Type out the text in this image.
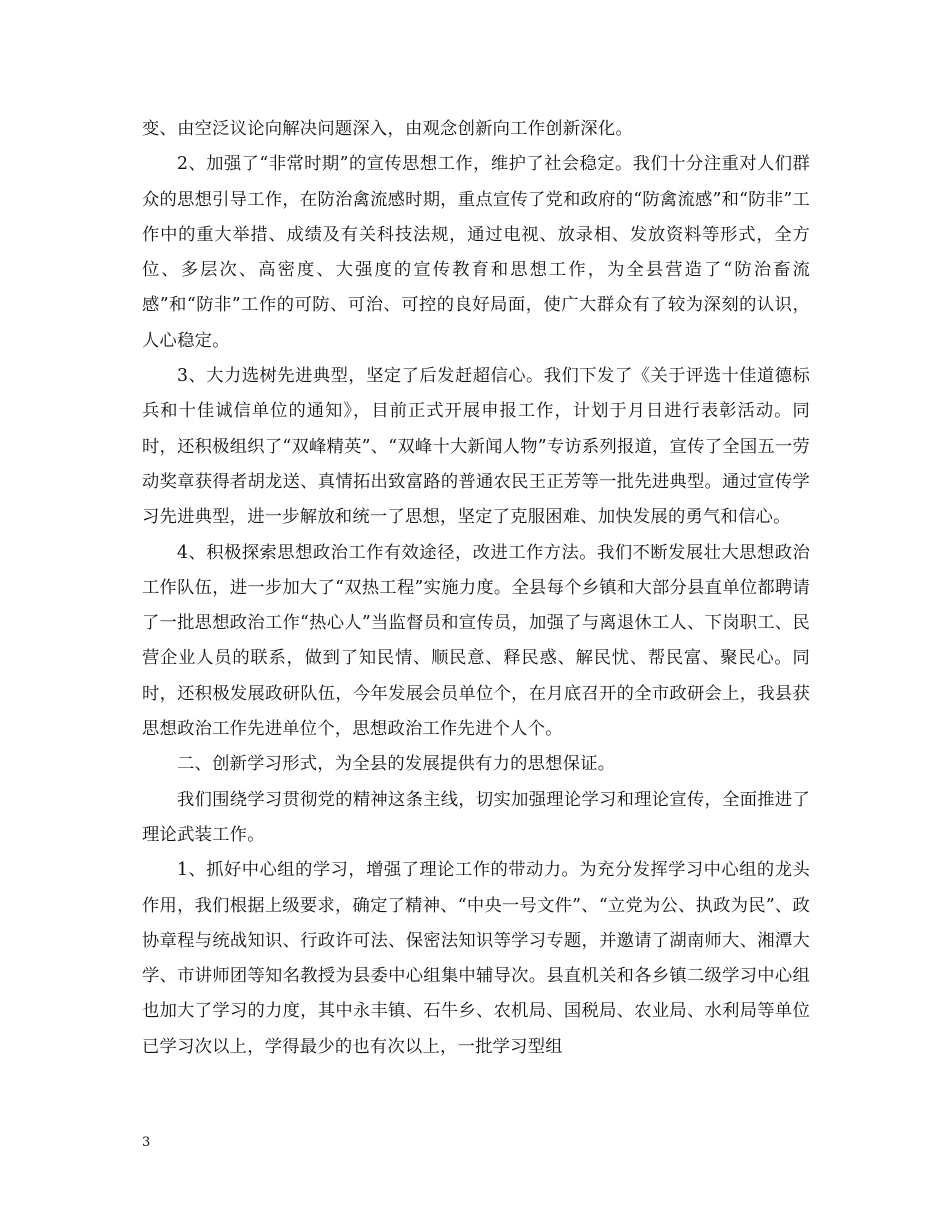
变、由空泛议论向解决问题深入，由观念创新向工作创新深化。

2、加强了“非常时期”的宣传思想工作，维护了社会稳定。我们十分注重对人们群众的思想引导工作，在防治禽流感时期，重点宣传了党和政府的“防禽流感”和“防非”工作中的重大举措、成绩及有关科技法规，通过电视、放录相、发放资料等形式，全方位、多层次、高密度、大强度的宣传教育和思想工作，为全县营造了“防治畜流感”和“防非”工作的可防、可治、可控的良好局面，使广大群众有了较为深刻的认识，人心稳定。

3、大力选树先进典型，坚定了后发赶超信心。我们下发了《关于评选十佳道德标兵和十佳诚信单位的通知》，目前正式开展申报工作，计划于月日进行表彰活动。同时，还积极组织了“双峰精英”、“双峰十大新闻人物”专访系列报道，宣传了全国五一劳动奖章获得者胡龙送、真情拓出致富路的普通农民王正芳等一批先进典型。通过宣传学习先进典型，进一步解放和统一了思想，坚定了克服困难、加快发展的勇气和信心。

4、积极探索思想政治工作有效途径，改进工作方法。我们不断发展壮大思想政治工作队伍，进一步加大了“双热工程”实施力度。全县每个乡镇和大部分县直单位都聘请了一批思想政治工作“热心人”当监督员和宣传员，加强了与离退休工人、下岗职工、民营企业人员的联系，做到了知民情、顺民意、释民惑、解民忧、帮民富、聚民心。同时，还积极发展政研队伍，今年发展会员单位个，在月底召开的全市政研会上，我县获思想政治工作先进单位个，思想政治工作先进个人个。

二、创新学习形式，为全县的发展提供有力的思想保证。

我们围绕学习贯彻党的精神这条主线，切实加强理论学习和理论宣传，全面推进了理论武装工作。

1、抓好中心组的学习，增强了理论工作的带动力。为充分发挥学习中心组的龙头作用，我们根据上级要求，确定了精神、“中央一号文件”、“立党为公、执政为民”、政协章程与统战知识、行政许可法、保密法知识等学习专题，并邀请了湖南师大、湘潭大学、市讲师团等知名教授为县委中心组集中辅导次。县直机关和各乡镇二级学习中心组也加大了学习的力度，其中永丰镇、石牛乡、农机局、国税局、农业局、水利局等单位已学习次以上，学得最少的也有次以上，一批学习型组

3
